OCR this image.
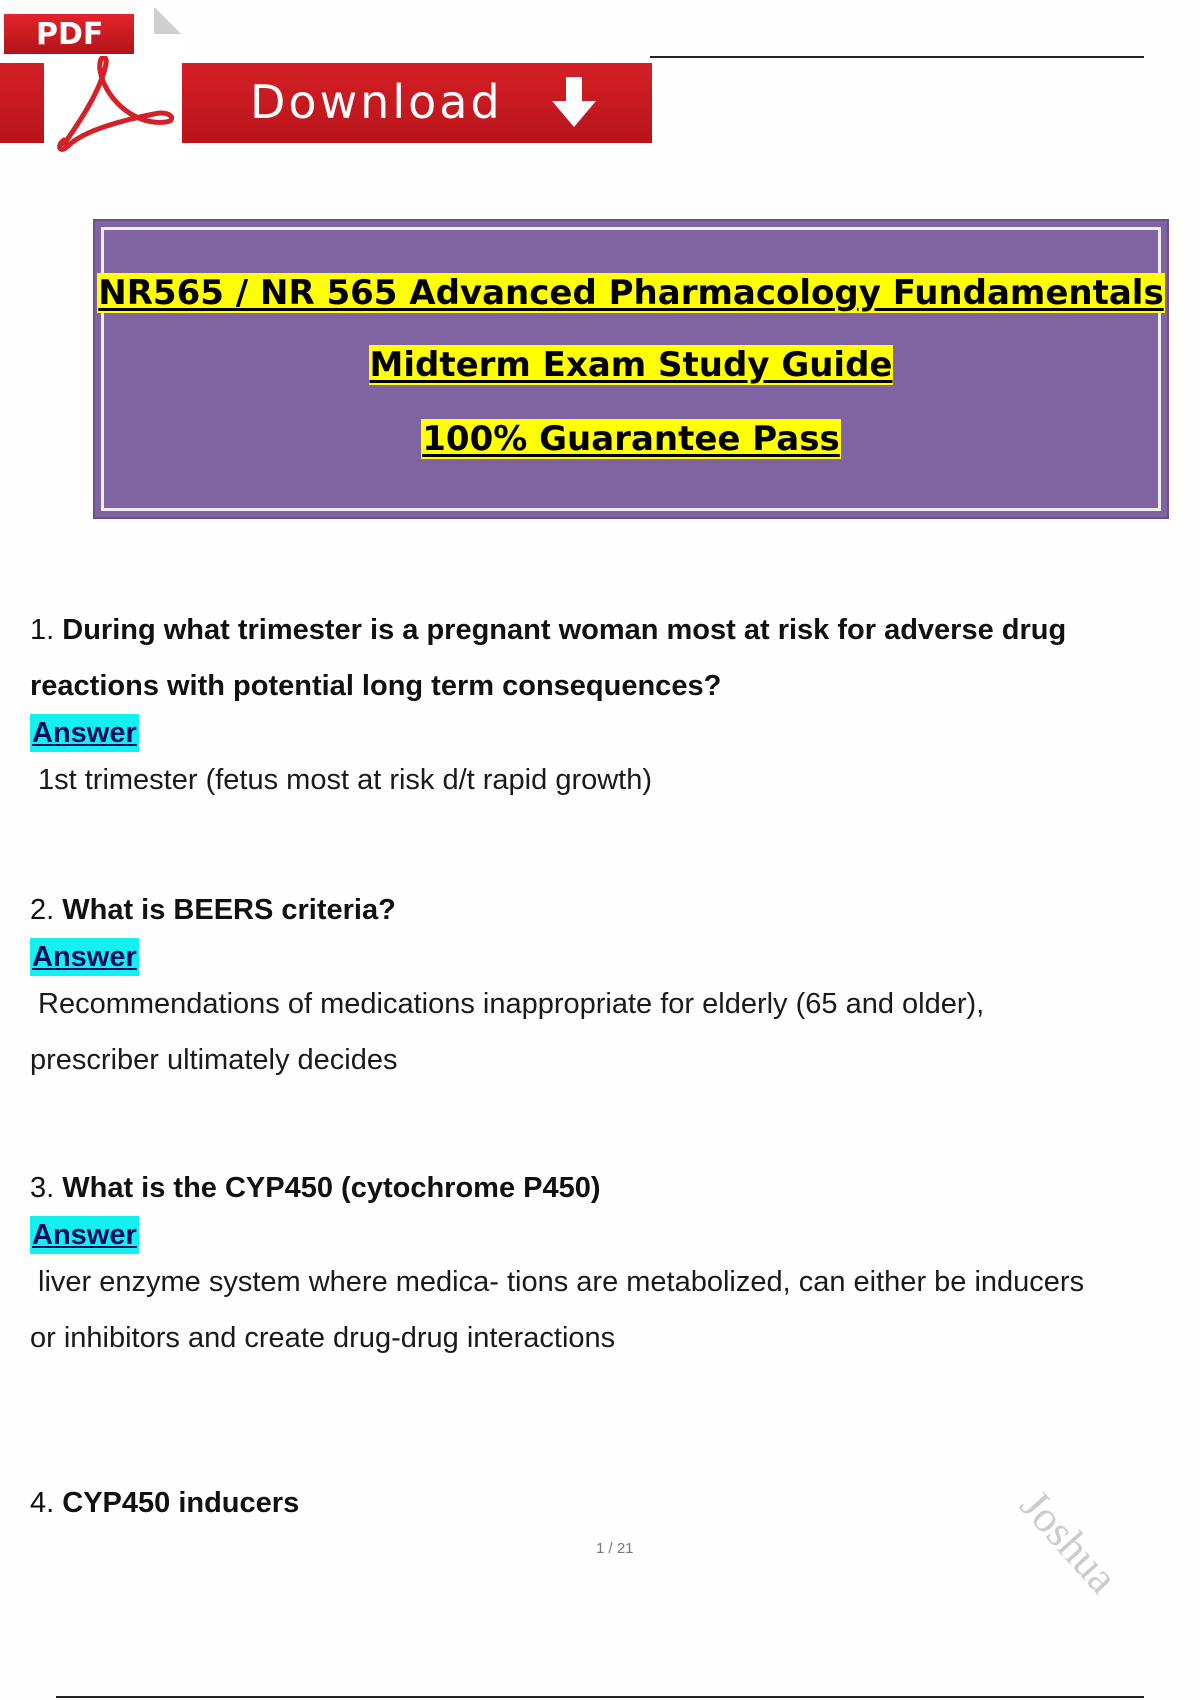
Download
PDF
NR565 / NR 565 Advanced Pharmacology Fundamentals
Midterm Exam Study Guide
100% Guarantee Pass

1. During what trimester is a pregnant woman most at risk for adverse drug reactions with potential long term consequences?

Answer

1st trimester (fetus most at risk d/t rapid growth)

2. What is BEERS criteria?

Answer

Recommendations of medications inappropriate for elderly (65 and older), prescriber ultimately decides

3. What is the CYP450 (cytochrome P450)

Answer

liver enzyme system where medica- tions are metabolized, can either be inducers or inhibitors and create drug-drug interactions

4. CYP450 inducers

1 / 21	Joshua
